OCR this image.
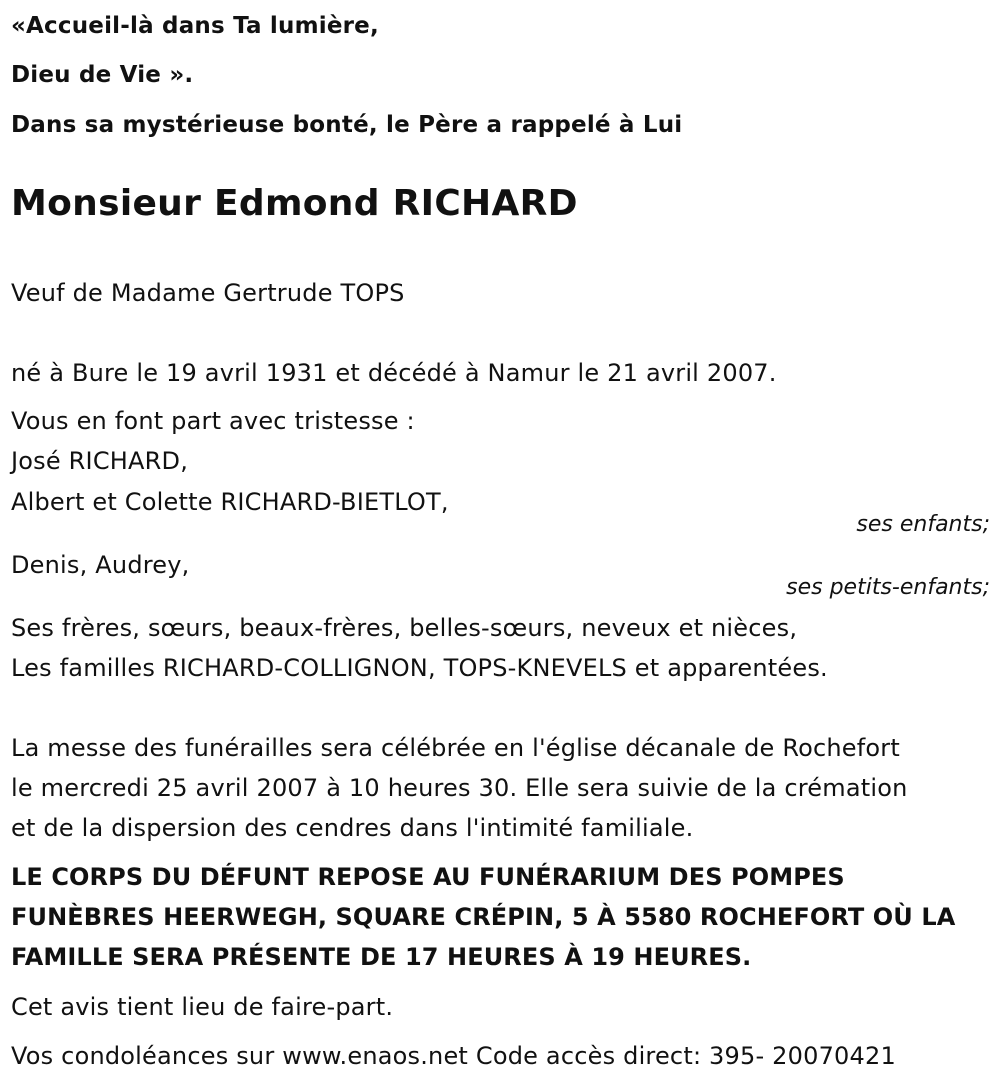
«Accueil-là dans Ta lumière,
Dieu de Vie ».
Dans sa mystérieuse bonté, le Père a rappelé à Lui
Monsieur Edmond RICHARD
Veuf de Madame Gertrude TOPS
né à Bure le 19 avril 1931 et décédé à Namur le 21 avril 2007.
Vous en font part avec tristesse :
José RICHARD,
Albert et Colette RICHARD-BIETLOT,
ses enfants;
Denis, Audrey,
ses petits-enfants;
Ses frères, sœurs, beaux-frères, belles-sœurs, neveux et nièces,
Les familles RICHARD-COLLIGNON, TOPS-KNEVELS et apparentées.
La messe des funérailles sera célébrée en l'église décanale de Rochefort
le mercredi 25 avril 2007 à 10 heures 30. Elle sera suivie de la crémation
et de la dispersion des cendres dans l'intimité familiale.
LE CORPS DU DÉFUNT REPOSE AU FUNÉRARIUM DES POMPES
FUNÈBRES HEERWEGH, SQUARE CRÉPIN, 5 À 5580 ROCHEFORT OÙ LA
FAMILLE SERA PRÉSENTE DE 17 HEURES À 19 HEURES.
Cet avis tient lieu de faire-part.
Vos condoléances sur www.enaos.net Code accès direct: 395- 20070421
